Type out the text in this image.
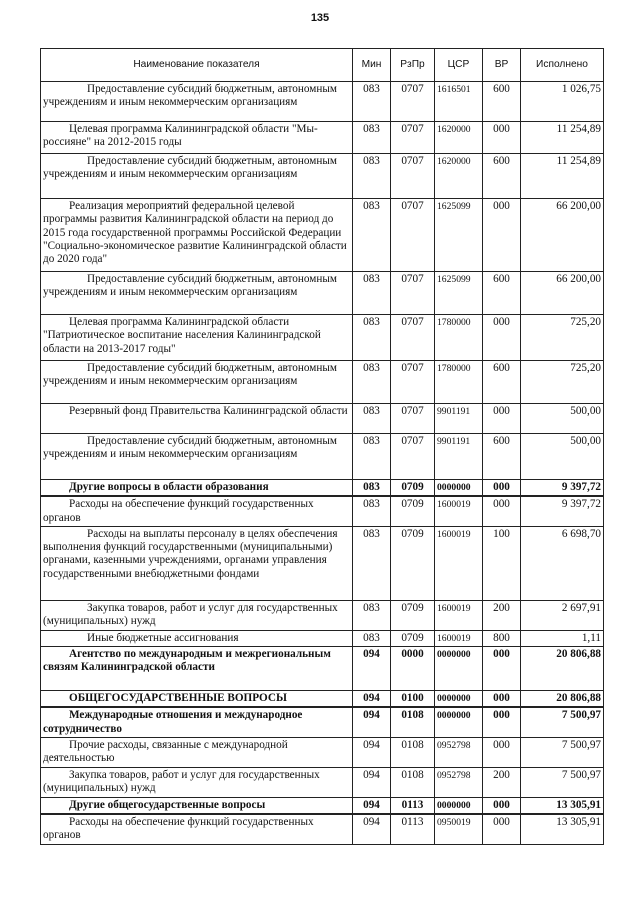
135
Наименование показателя	Мин	РзПр	ЦСР	ВР	Исполнено
Предоставление субсидий бюджетным, автономным учреждениям и иным некоммерческим организациям	083	0707	1616501	600	1 026,75
Целевая программа Калининградской области "Мы-россияне" на 2012-2015 годы	083	0707	1620000	000	11 254,89
Предоставление субсидий бюджетным, автономным учреждениям и иным некоммерческим организациям	083	0707	1620000	600	11 254,89
Реализация мероприятий федеральной целевой программы развития Калининградской области на период до 2015 года государственной программы Российской Федерации "Социально-экономическое развитие Калининградской области до 2020 года"	083	0707	1625099	000	66 200,00
Предоставление субсидий бюджетным, автономным учреждениям и иным некоммерческим организациям	083	0707	1625099	600	66 200,00
Целевая программа Калининградской области "Патриотическое воспитание населения Калининградской области на 2013-2017 годы"	083	0707	1780000	000	725,20
Предоставление субсидий бюджетным, автономным учреждениям и иным некоммерческим организациям	083	0707	1780000	600	725,20
Резервный фонд Правительства Калининградской области	083	0707	9901191	000	500,00
Предоставление субсидий бюджетным, автономным учреждениям и иным некоммерческим организациям	083	0707	9901191	600	500,00
Другие вопросы в области образования	083	0709	0000000	000	9 397,72
Расходы на обеспечение функций государственных органов	083	0709	1600019	000	9 397,72
Расходы на выплаты персоналу в целях обеспечения выполнения функций государственными (муниципальными) органами, казенными учреждениями, органами управления государственными внебюджетными фондами	083	0709	1600019	100	6 698,70
Закупка товаров, работ и услуг для государственных (муниципальных) нужд	083	0709	1600019	200	2 697,91
Иные бюджетные ассигнования	083	0709	1600019	800	1,11
Агентство по международным и межрегиональным связям Калининградской области	094	0000	0000000	000	20 806,88
ОБЩЕГОСУДАРСТВЕННЫЕ ВОПРОСЫ	094	0100	0000000	000	20 806,88
Международные отношения и международное сотрудничество	094	0108	0000000	000	7 500,97
Прочие расходы, связанные с международной деятельностью	094	0108	0952798	000	7 500,97
Закупка товаров, работ и услуг для государственных (муниципальных) нужд	094	0108	0952798	200	7 500,97
Другие общегосударственные вопросы	094	0113	0000000	000	13 305,91
Расходы на обеспечение функций государственных органов	094	0113	0950019	000	13 305,91
